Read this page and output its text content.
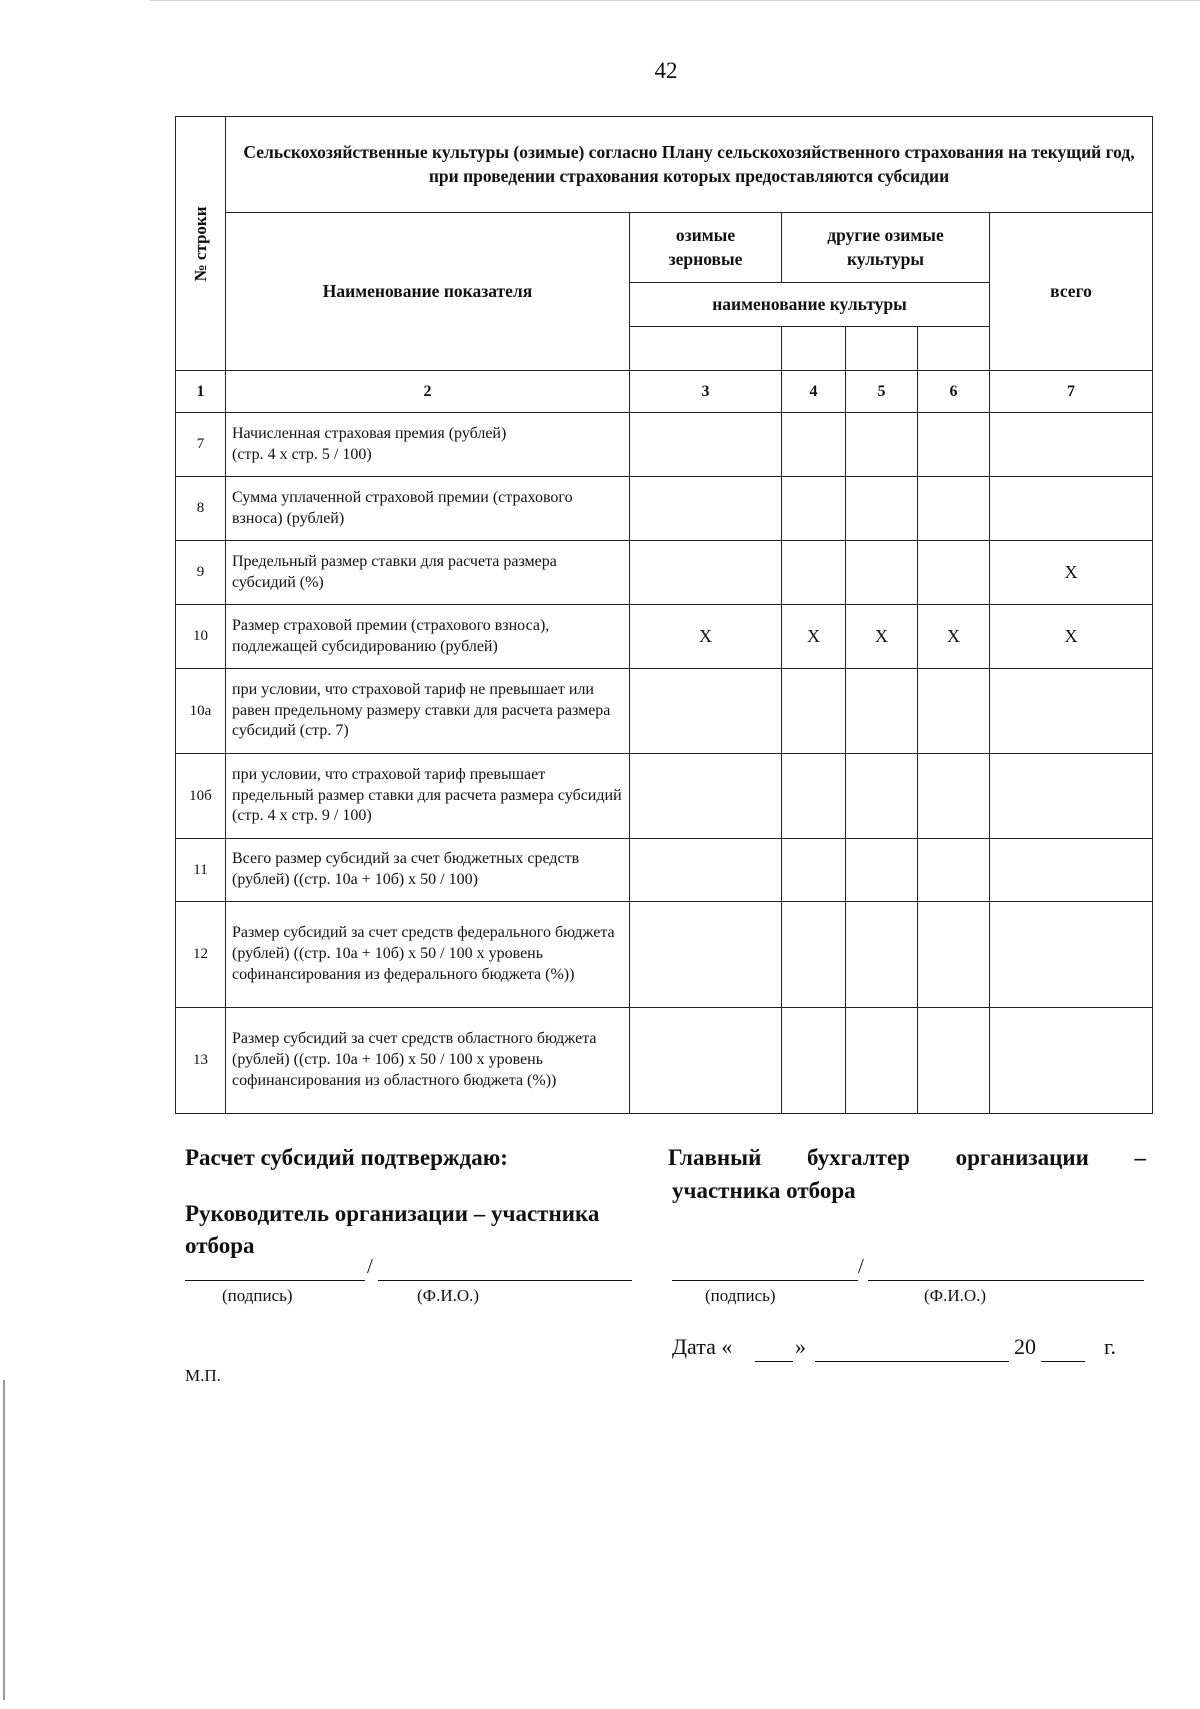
42
№ строки	Сельскохозяйственные культуры (озимые) согласно Плану сельскохозяйственного страхования на текущий год, при проведении страхования которых предоставляются субсидии					
	Наименование показателя	озимые зерновые	другие озимые культуры			всего
		наименование культуры				

1	2	3	4	5	6	7
7	Начисленная страховая премия (рублей)
(стр. 4 х стр. 5 / 100)					
8	Сумма уплаченной страховой премии (страхового взноса) (рублей)					
9	Предельный размер ставки для расчета размера субсидий (%)					Х
10	Размер страховой премии (страхового взноса), подлежащей субсидированию (рублей)	Х	Х	Х	Х	Х
10а	при условии, что страховой тариф не превышает или равен предельному размеру ставки для расчета размера субсидий (стр. 7)					
10б	при условии, что страховой тариф превышает предельный размер ставки для расчета размера субсидий (стр. 4 х стр. 9 / 100)					
11	Всего размер субсидий за счет бюджетных средств (рублей) ((стр. 10а + 10б) х 50 / 100)					
12	Размер субсидий за счет средств федерального бюджета (рублей) ((стр. 10а + 10б) х 50 / 100 х уровень софинансирования из федерального бюджета (%))					
13	Размер субсидий за счет средств областного бюджета (рублей) ((стр. 10а + 10б) х 50 / 100 х уровень софинансирования из областного бюджета (%))					
Расчет субсидий подтверждаю:
Руководитель организации – участника отбора
/
(подпись)	(Ф.И.О.)
Главный бухгалтер организации –
участника отбора
/
(подпись)	(Ф.И.О.)
Дата «	»	20	г.
М.П.
